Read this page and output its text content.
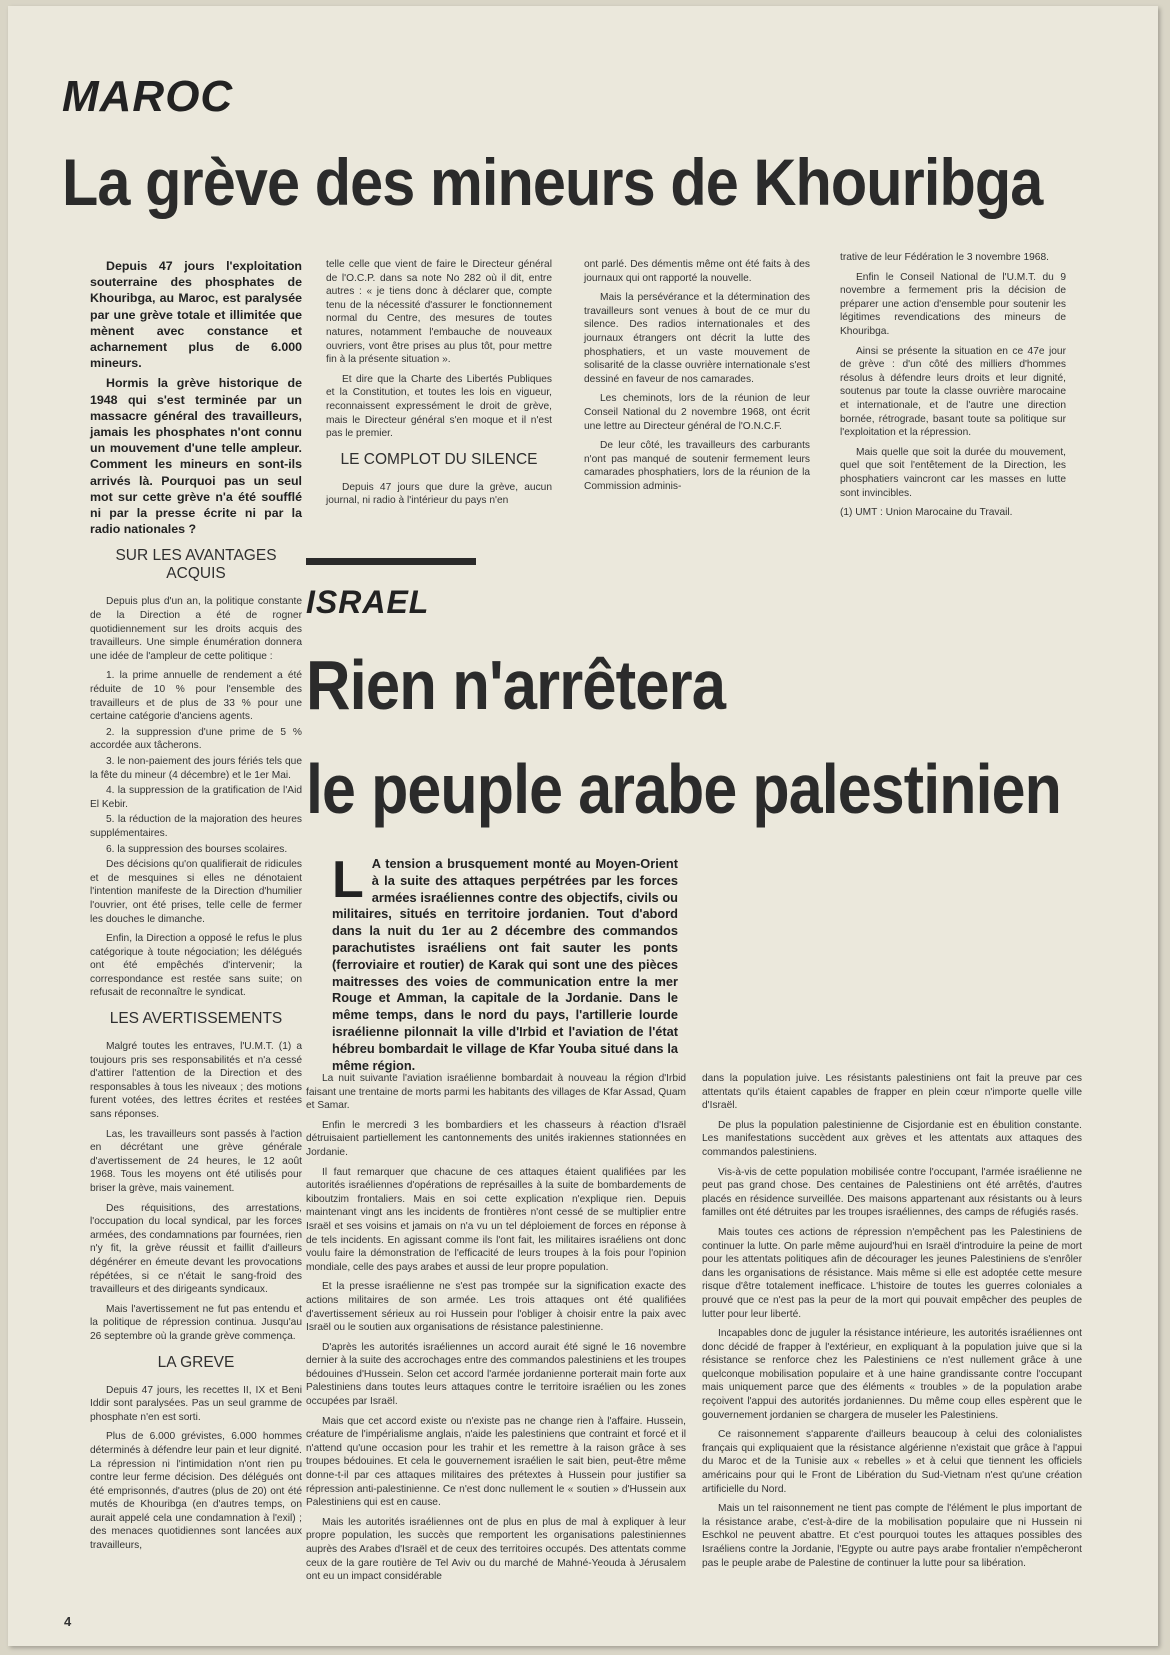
MAROC
La grève des mineurs de Khouribga

Depuis 47 jours l'exploitation souterraine des phosphates de Khouribga, au Maroc, est paralysée par une grève totale et illimitée que mènent avec constance et acharnement plus de 6.000 mineurs.

Hormis la grève historique de 1948 qui s'est terminée par un massacre général des travailleurs, jamais les phosphates n'ont connu un mouvement d'une telle ampleur. Comment les mineurs en sont-ils arrivés là. Pourquoi pas un seul mot sur cette grève n'a été soufflé ni par la presse écrite ni par la radio nationales ?

SUR LES AVANTAGES ACQUIS

Depuis plus d'un an, la politique constante de la Direction a été de rogner quotidiennement sur les droits acquis des travailleurs. Une simple énumération donnera une idée de l'ampleur de cette politique :

1. la prime annuelle de rendement a été réduite de 10 % pour l'ensemble des travailleurs et de plus de 33 % pour une certaine catégorie d'anciens agents.

2. la suppression d'une prime de 5 % accordée aux tâcherons.

3. le non-paiement des jours fériés tels que la fête du mineur (4 décembre) et le 1er Mai.

4. la suppression de la gratification de l'Aid El Kebir.

5. la réduction de la majoration des heures supplémentaires.

6. la suppression des bourses scolaires.

Des décisions qu'on qualifierait de ridicules et de mesquines si elles ne dénotaient l'intention manifeste de la Direction d'humilier l'ouvrier, ont été prises, telle celle de fermer les douches le dimanche.

Enfin, la Direction a opposé le refus le plus catégorique à toute négociation; les délégués ont été empêchés d'intervenir; la correspondance est restée sans suite; on refusait de reconnaître le syndicat.

LES AVERTISSEMENTS

Malgré toutes les entraves, l'U.M.T. (1) a toujours pris ses responsabilités et n'a cessé d'attirer l'attention de la Direction et des responsables à tous les niveaux ; des motions furent votées, des lettres écrites et restées sans réponses.

Las, les travailleurs sont passés à l'action en décrétant une grève générale d'avertissement de 24 heures, le 12 août 1968. Tous les moyens ont été utilisés pour briser la grève, mais vainement.

Des réquisitions, des arrestations, l'occupation du local syndical, par les forces armées, des condamnations par fournées, rien n'y fit, la grève réussit et faillit d'ailleurs dégénérer en émeute devant les provocations répétées, si ce n'était le sang-froid des travailleurs et des dirigeants syndicaux.

Mais l'avertissement ne fut pas entendu et la politique de répression continua. Jusqu'au 26 septembre où la grande grève commença.

LA GREVE

Depuis 47 jours, les recettes II, IX et Beni Iddir sont paralysées. Pas un seul gramme de phosphate n'en est sorti.

Plus de 6.000 grévistes, 6.000 hommes déterminés à défendre leur pain et leur dignité. La répression ni l'intimidation n'ont rien pu contre leur ferme décision. Des délégués ont été emprisonnés, d'autres (plus de 20) ont été mutés de Khouribga (en d'autres temps, on aurait appelé cela une condamnation à l'exil) ; des menaces quotidiennes sont lancées aux travailleurs,

telle celle que vient de faire le Directeur général de l'O.C.P. dans sa note No 282 où il dit, entre autres : « je tiens donc à déclarer que, compte tenu de la nécessité d'assurer le fonctionnement normal du Centre, des mesures de toutes natures, notamment l'embauche de nouveaux ouvriers, vont être prises au plus tôt, pour mettre fin à la présente situation ».

Et dire que la Charte des Libertés Publiques et la Constitution, et toutes les lois en vigueur, reconnaissent expressément le droit de grève, mais le Directeur général s'en moque et il n'est pas le premier.

LE COMPLOT DU SILENCE

Depuis 47 jours que dure la grève, aucun journal, ni radio à l'intérieur du pays n'en

ont parlé. Des démentis même ont été faits à des journaux qui ont rapporté la nouvelle.

Mais la persévérance et la détermination des travailleurs sont venues à bout de ce mur du silence. Des radios internationales et des journaux étrangers ont décrit la lutte des phosphatiers, et un vaste mouvement de solisarité de la classe ouvrière internationale s'est dessiné en faveur de nos camarades.

Les cheminots, lors de la réunion de leur Conseil National du 2 novembre 1968, ont écrit une lettre au Directeur général de l'O.N.C.F.

De leur côté, les travailleurs des carburants n'ont pas manqué de soutenir fermement leurs camarades phosphatiers, lors de la réunion de la Commission adminis-

trative de leur Fédération le 3 novembre 1968.

Enfin le Conseil National de l'U.M.T. du 9 novembre a fermement pris la décision de préparer une action d'ensemble pour soutenir les légitimes revendications des mineurs de Khouribga.

Ainsi se présente la situation en ce 47e jour de grève : d'un côté des milliers d'hommes résolus à défendre leurs droits et leur dignité, soutenus par toute la classe ouvrière marocaine et internationale, et de l'autre une direction bornée, rétrograde, basant toute sa politique sur l'exploitation et la répression.

Mais quelle que soit la durée du mouvement, quel que soit l'entêtement de la Direction, les phosphatiers vaincront car les masses en lutte sont invincibles.

(1) UMT : Union Marocaine du Travail.

ISRAEL
Rien n'arrêtera
le peuple arabe palestinien
L A tension a brusquement monté au Moyen-Orient à la suite des attaques perpétrées par les forces armées israéliennes contre des objectifs, civils ou militaires, situés en territoire jordanien. Tout d'abord dans la nuit du 1er au 2 décembre des commandos parachutistes israéliens ont fait sauter les ponts (ferroviaire et routier) de Karak qui sont une des pièces maitresses des voies de communication entre la mer Rouge et Amman, la capitale de la Jordanie. Dans le même temps, dans le nord du pays, l'artillerie lourde israélienne pilonnait la ville d'Irbid et l'aviation de l'état hébreu bombardait le village de Kfar Youba situé dans la même région.

La nuit suivante l'aviation israélienne bombardait à nouveau la région d'Irbid faisant une trentaine de morts parmi les habitants des villages de Kfar Assad, Quam et Samar.

Enfin le mercredi 3 les bombardiers et les chasseurs à réaction d'Israël détruisaient partiellement les cantonnements des unités irakiennes stationnées en Jordanie.

Il faut remarquer que chacune de ces attaques étaient qualifiées par les autorités israéliennes d'opérations de représailles à la suite de bombardements de kiboutzim frontaliers. Mais en soi cette explication n'explique rien. Depuis maintenant vingt ans les incidents de frontières n'ont cessé de se multiplier entre Israël et ses voisins et jamais on n'a vu un tel déploiement de forces en réponse à de tels incidents. En agissant comme ils l'ont fait, les militaires israéliens ont donc voulu faire la démonstration de l'efficacité de leurs troupes à la fois pour l'opinion mondiale, celle des pays arabes et aussi de leur propre population.

Et la presse israélienne ne s'est pas trompée sur la signification exacte des actions militaires de son armée. Les trois attaques ont été qualifiées d'avertissement sérieux au roi Hussein pour l'obliger à choisir entre la paix avec Israël ou le soutien aux organisations de résistance palestinienne.

D'après les autorités israéliennes un accord aurait été signé le 16 novembre dernier à la suite des accrochages entre des commandos palestiniens et les troupes bédouines d'Hussein. Selon cet accord l'armée jordanienne porterait main forte aux Palestiniens dans toutes leurs attaques contre le territoire israélien ou les zones occupées par Israël.

Mais que cet accord existe ou n'existe pas ne change rien à l'affaire. Hussein, créature de l'impérialisme anglais, n'aide les palestiniens que contraint et forcé et il n'attend qu'une occasion pour les trahir et les remettre à la raison grâce à ses troupes bédouines. Et cela le gouvernement israélien le sait bien, peut-être même donne-t-il par ces attaques militaires des prétextes à Hussein pour justifier sa répression anti-palestinienne. Ce n'est donc nullement le « soutien » d'Hussein aux Palestiniens qui est en cause.

Mais les autorités israéliennes ont de plus en plus de mal à expliquer à leur propre population, les succès que remportent les organisations palestiniennes auprès des Arabes d'Israël et de ceux des territoires occupés. Des attentats comme ceux de la gare routière de Tel Aviv ou du marché de Mahné-Yeouda à Jérusalem ont eu un impact considérable

dans la population juive. Les résistants palestiniens ont fait la preuve par ces attentats qu'ils étaient capables de frapper en plein cœur n'importe quelle ville d'Israël.

De plus la population palestinienne de Cisjordanie est en ébulition constante. Les manifestations succèdent aux grèves et les attentats aux attaques des commandos palestiniens.

Vis-à-vis de cette population mobilisée contre l'occupant, l'armée israélienne ne peut pas grand chose. Des centaines de Palestiniens ont été arrêtés, d'autres placés en résidence surveillée. Des maisons appartenant aux résistants ou à leurs familles ont été détruites par les troupes israéliennes, des camps de réfugiés rasés.

Mais toutes ces actions de répression n'empêchent pas les Palestiniens de continuer la lutte. On parle même aujourd'hui en Israël d'introduire la peine de mort pour les attentats politiques afin de décourager les jeunes Palestiniens de s'enrôler dans les organisations de résistance. Mais même si elle est adoptée cette mesure risque d'être totalement inefficace. L'histoire de toutes les guerres coloniales a prouvé que ce n'est pas la peur de la mort qui pouvait empêcher des peuples de lutter pour leur liberté.

Incapables donc de juguler la résistance intérieure, les autorités israéliennes ont donc décidé de frapper à l'extérieur, en expliquant à la population juive que si la résistance se renforce chez les Palestiniens ce n'est nullement grâce à une quelconque mobilisation populaire et à une haine grandissante contre l'occupant mais uniquement parce que des éléments « troubles » de la population arabe reçoivent l'appui des autorités jordaniennes. Du même coup elles espèrent que le gouvernement jordanien se chargera de museler les Palestiniens.

Ce raisonnement s'apparente d'ailleurs beaucoup à celui des colonialistes français qui expliquaient que la résistance algérienne n'existait que grâce à l'appui du Maroc et de la Tunisie aux « rebelles » et à celui que tiennent les officiels américains pour qui le Front de Libération du Sud-Vietnam n'est qu'une création artificielle du Nord.

Mais un tel raisonnement ne tient pas compte de l'élément le plus important de la résistance arabe, c'est-à-dire de la mobilisation populaire que ni Hussein ni Eschkol ne peuvent abattre. Et c'est pourquoi toutes les attaques possibles des Israéliens contre la Jordanie, l'Egypte ou autre pays arabe frontalier n'empêcheront pas le peuple arabe de Palestine de continuer la lutte pour sa libération.

4
